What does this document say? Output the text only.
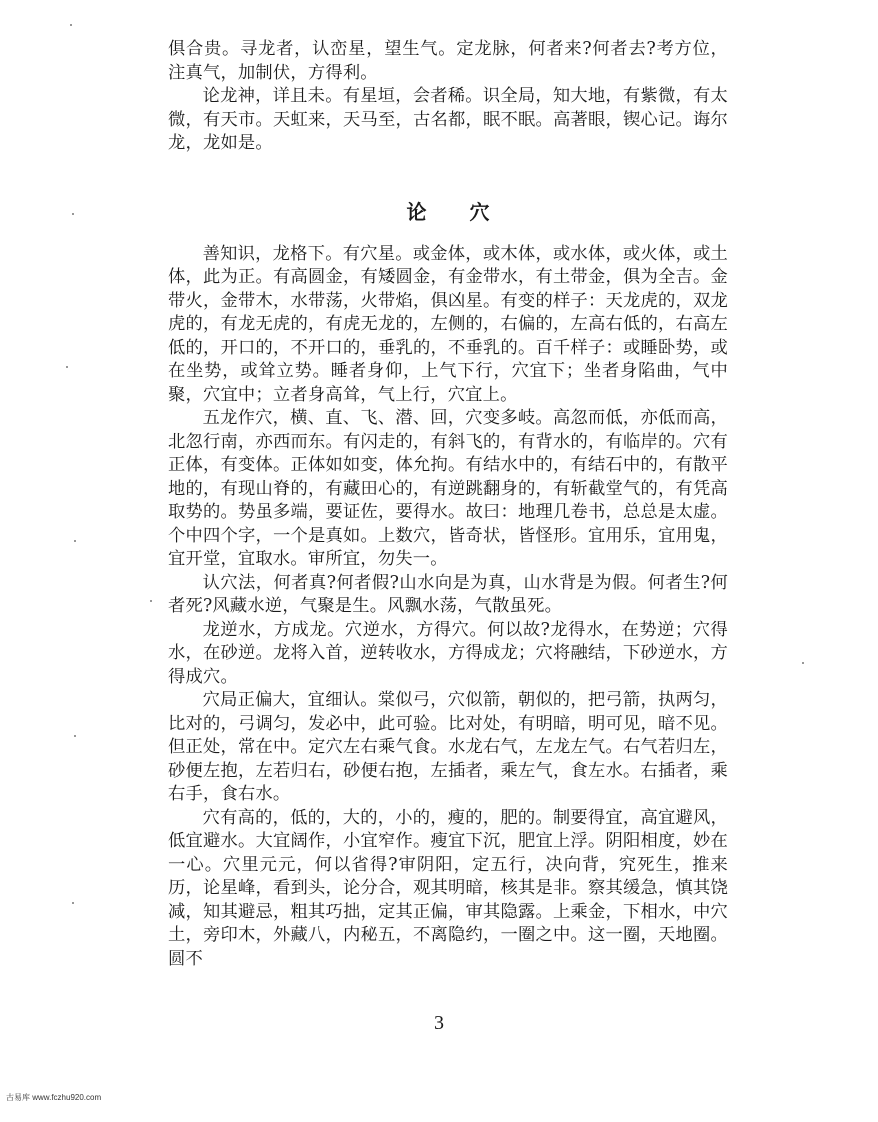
俱合贵。寻龙者，认峦星，望生气。定龙脉，何者来?何者去?考方位，注真气，加制伏，方得利。

论龙神，详且未。有星垣，会者稀。识全局，知大地，有紫微，有太微，有天市。天虹来，天马至，古名都，眠不眠。高著眼，锲心记。诲尔龙，龙如是。

论 穴

善知识，龙格下。有穴星。或金体，或木体，或水体，或火体，或土体，此为正。有高圆金，有矮圆金，有金带水，有土带金，俱为全吉。金带火，金带木，水带荡，火带焰，俱凶星。有变的样子：天龙虎的，双龙虎的，有龙无虎的，有虎无龙的，左侧的，右偏的，左高右低的，右高左低的，开口的，不开口的，垂乳的，不垂乳的。百千样子：或睡卧势，或在坐势，或耸立势。睡者身仰，上气下行，穴宜下；坐者身陷曲，气中聚，穴宜中；立者身高耸，气上行，穴宜上。

五龙作穴，横、直、飞、潜、回，穴变多岐。高忽而低，亦低而高，北忽行南，亦西而东。有闪走的，有斜飞的，有背水的，有临岸的。穴有正体，有变体。正体如如变，体允拘。有结水中的，有结石中的，有散平地的，有现山脊的，有藏田心的，有逆跳翻身的，有斩截堂气的，有凭高取势的。势虽多端，要证佐，要得水。故曰：地理几卷书，总总是太虚。个中四个字，一个是真如。上数穴，皆奇状，皆怪形。宜用乐，宜用鬼，宜开堂，宜取水。审所宜，勿失一。

认穴法，何者真?何者假?山水向是为真，山水背是为假。何者生?何者死?风藏水逆，气聚是生。风飘水荡，气散虽死。

龙逆水，方成龙。穴逆水，方得穴。何以故?龙得水，在势逆；穴得水，在砂逆。龙将入首，逆转收水，方得成龙；穴将融结，下砂逆水，方得成穴。

穴局正偏大，宜细认。棠似弓，穴似箭，朝似的，把弓箭，执两匀，比对的，弓调匀，发必中，此可验。比对处，有明暗，明可见，暗不见。但正处，常在中。定穴左右乘气食。水龙右气，左龙左气。右气若归左，砂便左抱，左若归右，砂便右抱，左插者，乘左气，食左水。右插者，乘右手，食右水。

穴有高的，低的，大的，小的，瘦的，肥的。制要得宜，高宜避风，低宜避水。大宜阔作，小宜窄作。瘦宜下沉，肥宜上浮。阴阳相度，妙在一心。穴里元元，何以省得?审阴阳，定五行，决向背，究死生，推来历，论星峰，看到头，论分合，观其明暗，核其是非。察其缓急，慎其饶减，知其避忌，粗其巧拙，定其正偏，审其隐露。上乘金，下相水，中穴土，旁印木，外藏八，内秘五，不离隐约，一圈之中。这一圈，天地圈。圆不

3
古易库 www.fczhu920.com
